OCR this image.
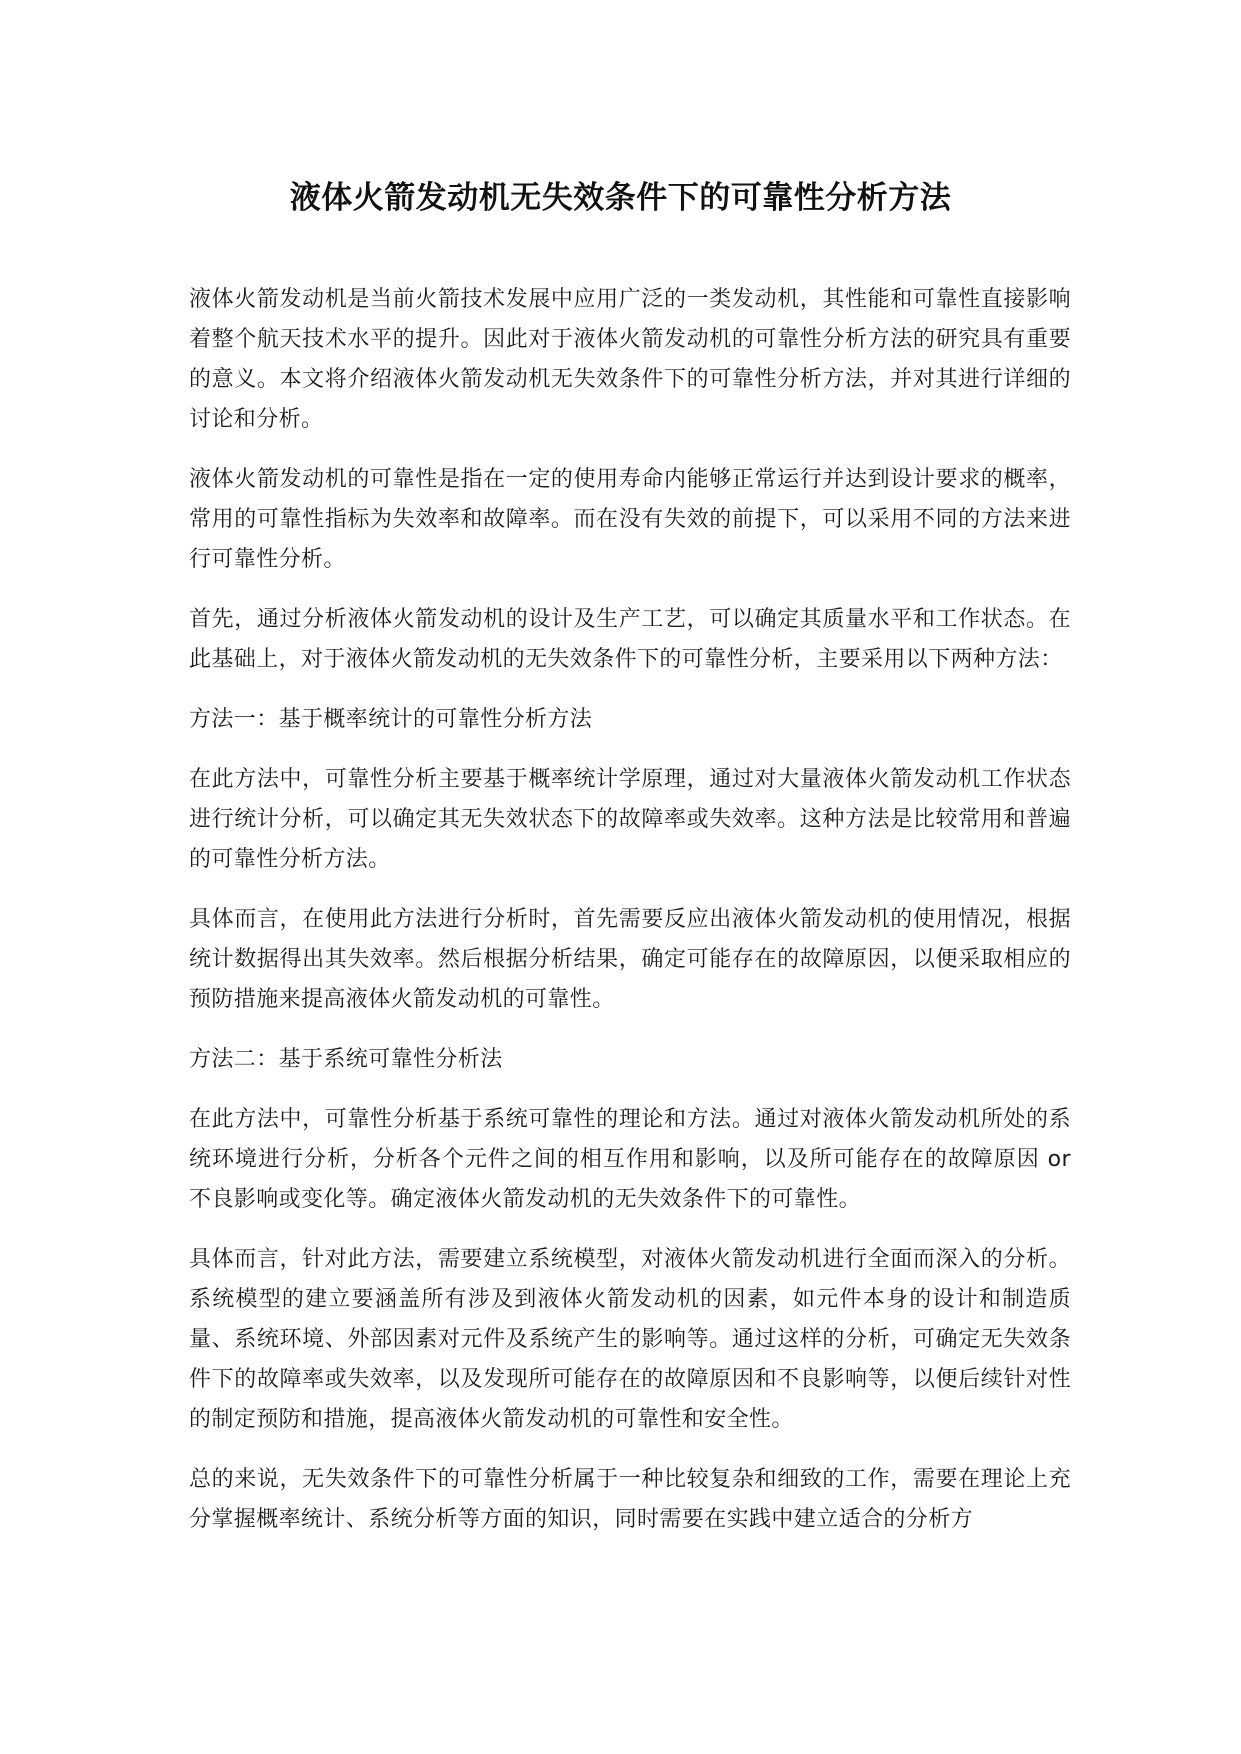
液体火箭发动机无失效条件下的可靠性分析方法

液体火箭发动机是当前火箭技术发展中应用广泛的一类发动机，其性能和可靠性直接影响着整个航天技术水平的提升。因此对于液体火箭发动机的可靠性分析方法的研究具有重要的意义。本文将介绍液体火箭发动机无失效条件下的可靠性分析方法，并对其进行详细的讨论和分析。

液体火箭发动机的可靠性是指在一定的使用寿命内能够正常运行并达到设计要求的概率，常用的可靠性指标为失效率和故障率。而在没有失效的前提下，可以采用不同的方法来进行可靠性分析。

首先，通过分析液体火箭发动机的设计及生产工艺，可以确定其质量水平和工作状态。在此基础上，对于液体火箭发动机的无失效条件下的可靠性分析，主要采用以下两种方法：

方法一：基于概率统计的可靠性分析方法

在此方法中，可靠性分析主要基于概率统计学原理，通过对大量液体火箭发动机工作状态进行统计分析，可以确定其无失效状态下的故障率或失效率。这种方法是比较常用和普遍的可靠性分析方法。

具体而言，在使用此方法进行分析时，首先需要反应出液体火箭发动机的使用情况，根据统计数据得出其失效率。然后根据分析结果，确定可能存在的故障原因，以便采取相应的预防措施来提高液体火箭发动机的可靠性。

方法二：基于系统可靠性分析法

在此方法中，可靠性分析基于系统可靠性的理论和方法。通过对液体火箭发动机所处的系统环境进行分析，分析各个元件之间的相互作用和影响，以及所可能存在的故障原因 or 不良影响或变化等。确定液体火箭发动机的无失效条件下的可靠性。

具体而言，针对此方法，需要建立系统模型，对液体火箭发动机进行全面而深入的分析。系统模型的建立要涵盖所有涉及到液体火箭发动机的因素，如元件本身的设计和制造质量、系统环境、外部因素对元件及系统产生的影响等。通过这样的分析，可确定无失效条件下的故障率或失效率，以及发现所可能存在的故障原因和不良影响等，以便后续针对性的制定预防和措施，提高液体火箭发动机的可靠性和安全性。

总的来说，无失效条件下的可靠性分析属于一种比较复杂和细致的工作，需要在理论上充分掌握概率统计、系统分析等方面的知识，同时需要在实践中建立适合的分析方
